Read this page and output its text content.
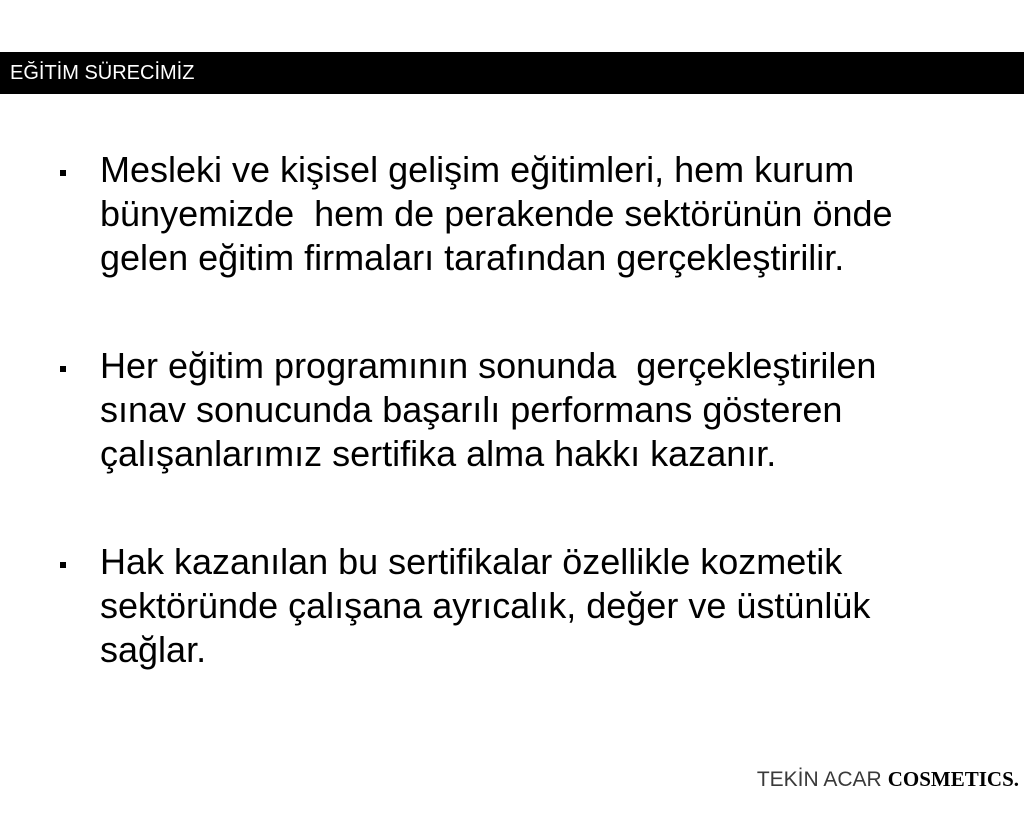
EĞİTİM SÜRECİMİZ
Mesleki ve kişisel gelişim eğitimleri, hem kurum
bünyemizde  hem de perakende sektörünün önde
gelen eğitim firmaları tarafından gerçekleştirilir.
Her eğitim programının sonunda  gerçekleştirilen
sınav sonucunda başarılı performans gösteren
çalışanlarımız sertifika alma hakkı kazanır.
Hak kazanılan bu sertifikalar özellikle kozmetik
sektöründe çalışana ayrıcalık, değer ve üstünlük
sağlar.

TEKİN ACAR COSMETICS.
